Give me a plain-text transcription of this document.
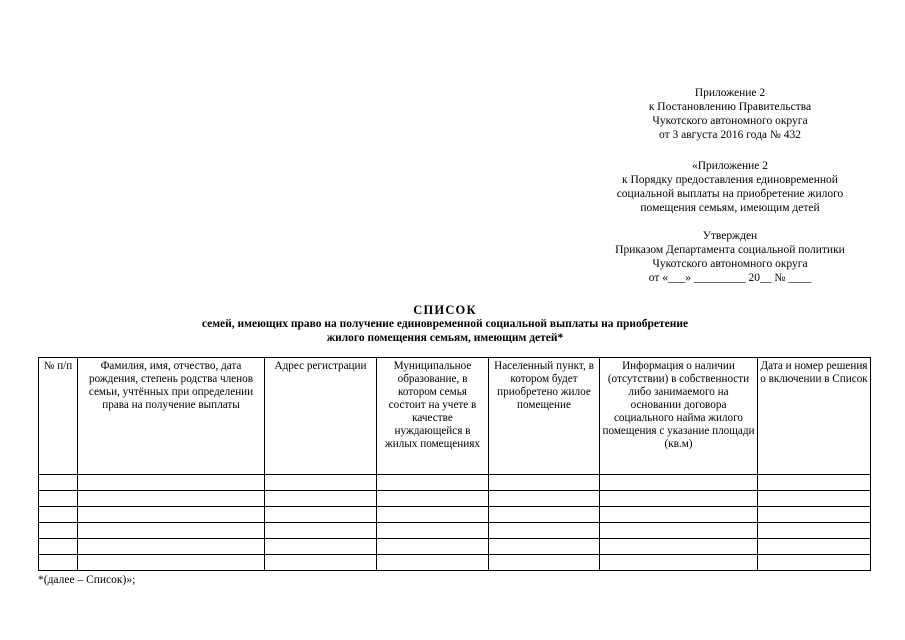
Приложение 2
к Постановлению Правительства
Чукотского автономного округа
от 3 августа 2016 года № 432
«Приложение 2
к Порядку предоставления единовременной
социальной выплаты на приобретение жилого
помещения семьям, имеющим детей
Утвержден
Приказом Департамента социальной политики
Чукотского автономного округа
от «___» _________ 20__ № ____
СПИСОК
семей, имеющих право на получение единовременной социальной выплаты на приобретение
жилого помещения семьям, имеющим детей*
№ п/п	Фамилия, имя, отчество, дата рождения, степень родства членов семьи, учтённых при определении права на получение выплаты	Адрес регистрации	Муниципальное образование, в котором семья состоит на учете в качестве нуждающейся в жилых помещениях	Населенный пункт, в котором будет приобретено жилое помещение	Информация о наличии (отсутствии) в собственности либо занимаемого на основании договора социального найма жилого помещения с указание площади (кв.м)	Дата и номер решения о включении в Список

*(далее – Список)»;
